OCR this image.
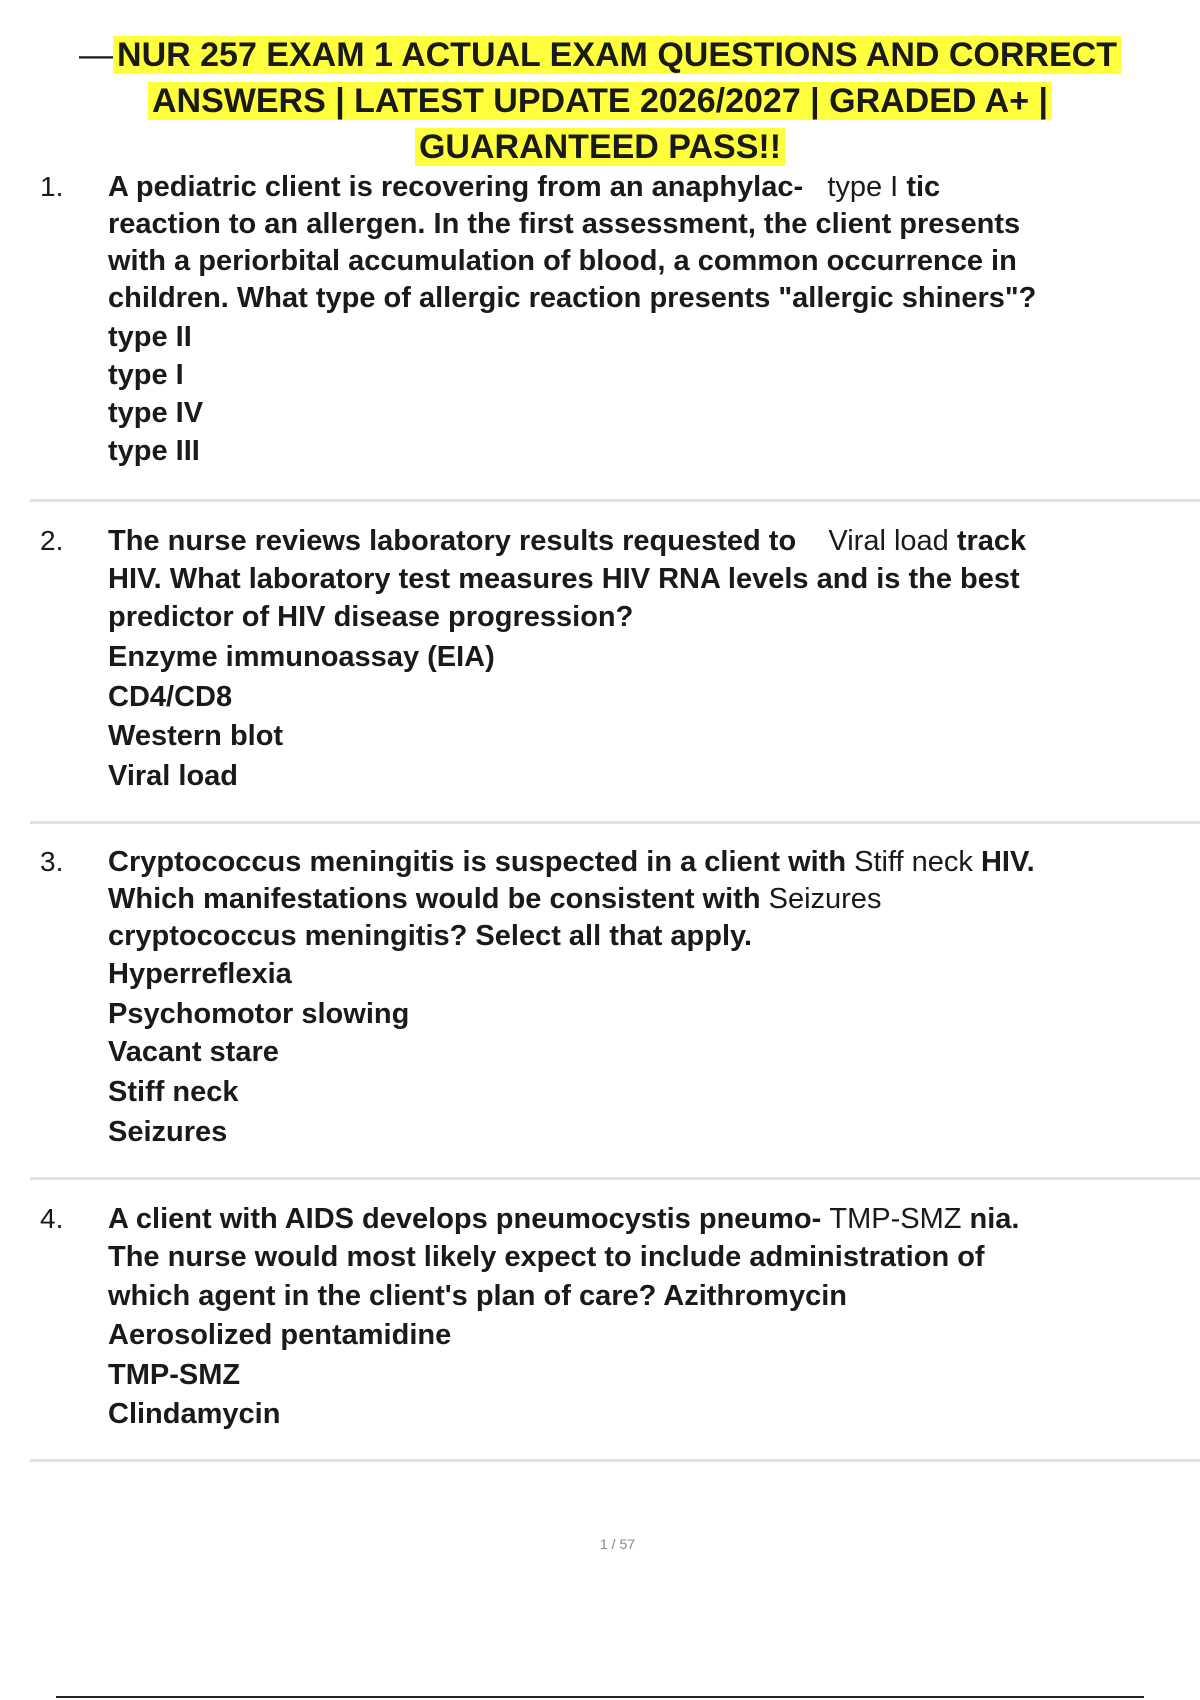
— NUR 257 EXAM 1 ACTUAL EXAM QUESTIONS AND CORRECT
ANSWERS | LATEST UPDATE 2026/2027 | GRADED A+ |
GUARANTEED PASS!!
1. A pediatric client is recovering from an anaphylac- type I tic
reaction to an allergen. In the first assessment, the client presents
with a periorbital accumulation of blood, a common occurrence in
children. What type of allergic reaction presents "allergic shiners"?
type II
type I
type IV
type III
2. The nurse reviews laboratory results requested to Viral load track
HIV. What laboratory test measures HIV RNA levels and is the best
predictor of HIV disease progression?
Enzyme immunoassay (EIA)
CD4/CD8
Western blot
Viral load
3. Cryptococcus meningitis is suspected in a client with Stiff neck HIV.
Which manifestations would be consistent with Seizures
cryptococcus meningitis? Select all that apply.
Hyperreflexia
Psychomotor slowing
Vacant stare
Stiff neck
Seizures
4. A client with AIDS develops pneumocystis pneumo- TMP-SMZ nia.
The nurse would most likely expect to include administration of
which agent in the client's plan of care? Azithromycin
Aerosolized pentamidine
TMP-SMZ
Clindamycin
1 / 57
